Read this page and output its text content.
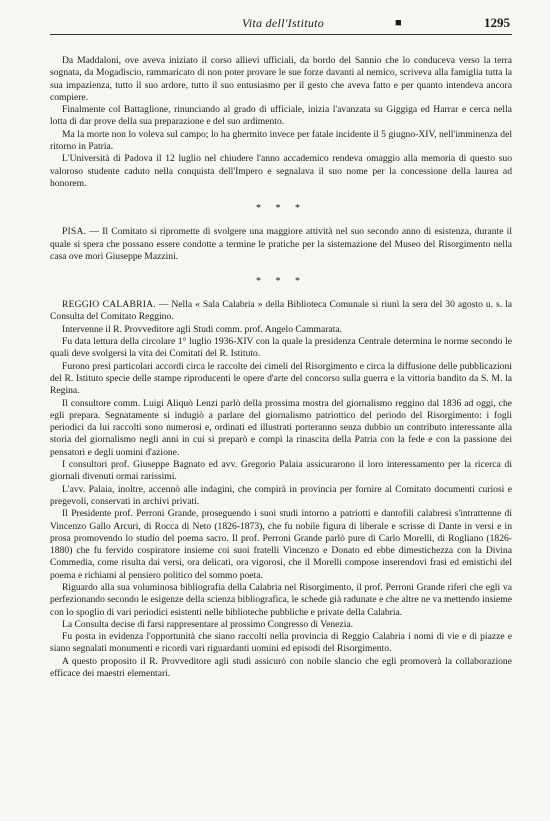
Vita dell'Istituto	■	1295

Da Maddaloni, ove aveva iniziato il corso allievi ufficiali, da bordo del Sannio che lo conduceva verso la terra sognata, da Mogadiscio, rammaricato di non poter provare le sue forze davanti al nemico, scriveva alla famiglia tutta la sua impazienza, tutto il suo ardore, tutto il suo entusiasmo per il gesto che aveva fatto e per quanto intendeva ancora compiere.

Finalmente col Battaglione, rinunciando al grado di ufficiale, inizia l'avanzata su Giggiga ed Harrar e cerca nella lotta di dar prove della sua preparazione e del suo ardimento.

Ma la morte non lo voleva sul campo; lo ha ghermito invece per fatale incidente il 5 giugno-XIV, nell'imminenza del ritorno in Patria.

L'Università di Padova il 12 luglio nel chiudere l'anno accademico rendeva omaggio alla memoria di questo suo valoroso studente caduto nella conquista dell'Impero e segnalava il suo nome per la concessione della laurea ad honorem.

* * *

PISA. — Il Comitato si ripromette di svolgere una maggiore attività nel suo secondo anno di esistenza, durante il quale si spera che possano essere condotte a termine le pratiche per la sistemazione del Museo del Risorgimento nella casa ove morì Giuseppe Mazzini.

* * *

REGGIO CALABRIA. — Nella « Sala Calabria » della Biblioteca Comunale si riunì la sera del 30 agosto u. s. la Consulta del Comitato Reggino.

Intervenne il R. Provveditore agli Studi comm. prof. Angelo Cammarata.

Fu data lettura della circolare 1° luglio 1936-XIV con la quale la presidenza Centrale determina le norme secondo le quali deve svolgersi la vita dei Comitati del R. Istituto.

Furono presi particolari accordi circa le raccolte dei cimeli del Risorgimento e circa la diffusione delle pubblicazioni del R. Istituto specie delle stampe riproducenti le opere d'arte del concorso sulla guerra e la vittoria bandito da S. M. la Regina.

Il consultore comm. Luigi Aliquò Lenzi parlò della prossima mostra del giornalismo reggino dal 1836 ad oggi, che egli prepara. Segnatamente si indugiò a parlare del giornalismo patriottico del periodo del Risorgimento: i fogli periodici da lui raccolti sono numerosi e, ordinati ed illustrati porteranno senza dubbio un contributo interessante alla storia del giornalismo negli anni in cui si preparò e compì la rinascita della Patria con la fede e con la passione dei pensatori e degli uomini d'azione.

I consultori prof. Giuseppe Bagnato ed avv. Gregorio Palaia assicurarono il loro interessamento per la ricerca di giornali divenuti ormai rarissimi.

L'avv. Palaia, inoltre, accennò alle indagini, che compirà in provincia per fornire al Comitato documenti curiosi e pregevoli, conservati in archivi privati.

Il Presidente prof. Perroni Grande, proseguendo i suoi studi intorno a patriotti e dantofili calabresi s'intrattenne di Vincenzo Gallo Arcuri, di Rocca di Neto (1826-1873), che fu nobile figura di liberale e scrisse di Dante in versi e in prosa promovendo lo studio del poema sacro. Il prof. Perroni Grande parlò pure di Carlo Morelli, di Rogliano (1826-1880) che fu fervido cospiratore insieme coi suoi fratelli Vincenzo e Donato ed ebbe dimestichezza con la Divina Commedia, come risulta dai versi, ora delicati, ora vigorosi, che il Morelli compose inserendovi frasi ed emistichi del poema e richiami al pensiero politico del sommo poeta.

Riguardo alla sua voluminosa bibliografia della Calabria nel Risorgimento, il prof. Perroni Grande riferì che egli va perfezionando secondo le esigenze della scienza bibliografica, le schede già radunate e che altre ne va mettendo insieme con lo spoglio di vari periodici esistenti nelle biblioteche pubbliche e private della Calabria.

La Consulta decise di farsi rappresentare al prossimo Congresso di Venezia.

Fu posta in evidenza l'opportunità che siano raccolti nella provincia di Reggio Calabria i nomi di vie e di piazze e siano segnalati monumenti e ricordi vari riguardanti uomini ed episodi del Risorgimento.

A questo proposito il R. Provveditore agli studi assicurò con nobile slancio che egli promoverà la collaborazione efficace dei maestri elementari.
